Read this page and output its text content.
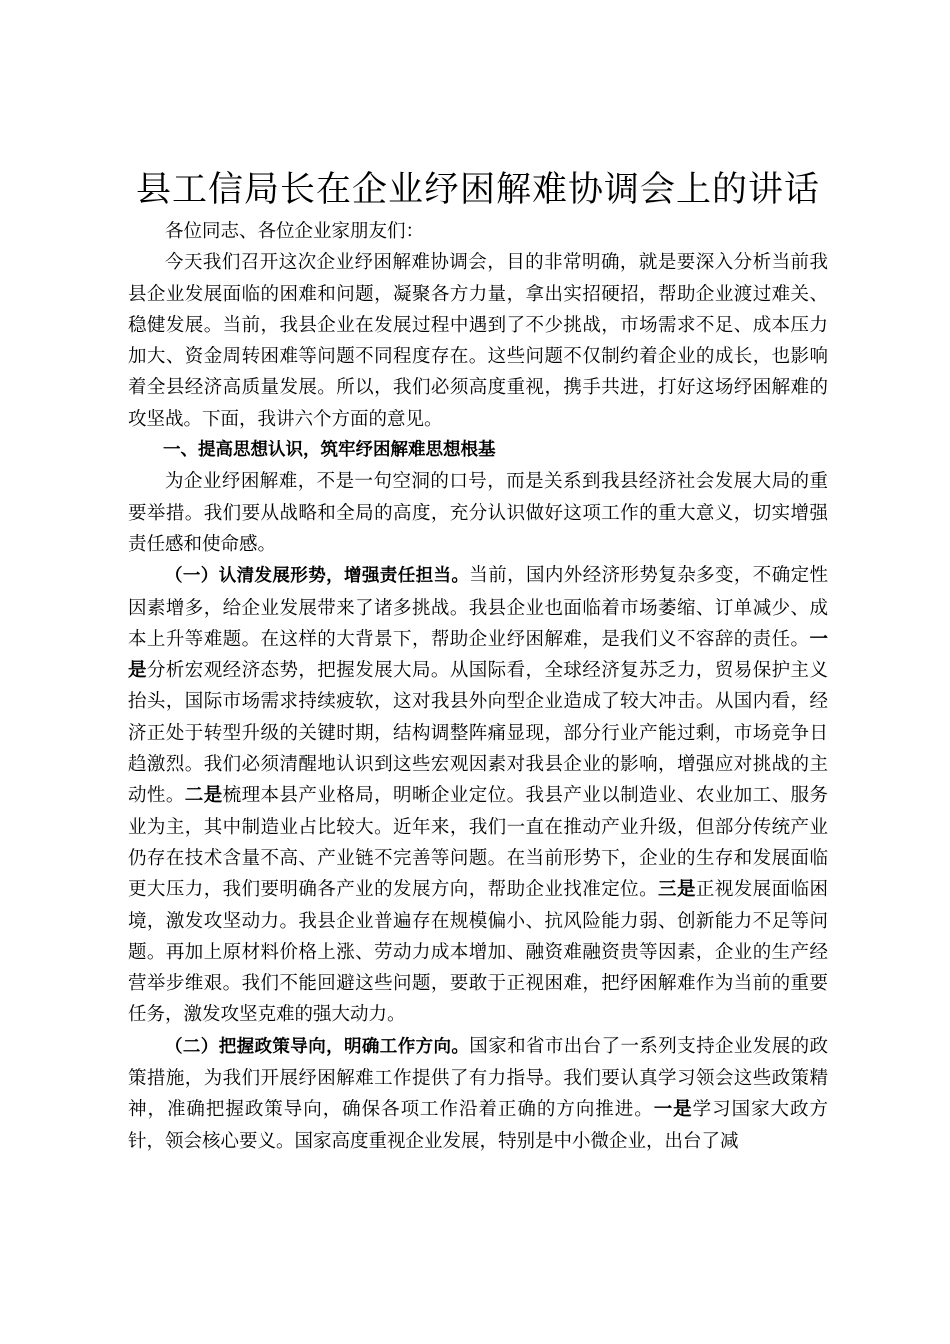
县工信局长在企业纾困解难协调会上的讲话

各位同志、各位企业家朋友们：

今天我们召开这次企业纾困解难协调会，目的非常明确，就是要深入分析当前我县企业发展面临的困难和问题，凝聚各方力量，拿出实招硬招，帮助企业渡过难关、稳健发展。当前，我县企业在发展过程中遇到了不少挑战，市场需求不足、成本压力加大、资金周转困难等问题不同程度存在。这些问题不仅制约着企业的成长，也影响着全县经济高质量发展。所以，我们必须高度重视，携手共进，打好这场纾困解难的攻坚战。下面，我讲六个方面的意见。

一、提高思想认识，筑牢纾困解难思想根基

为企业纾困解难，不是一句空洞的口号，而是关系到我县经济社会发展大局的重要举措。我们要从战略和全局的高度，充分认识做好这项工作的重大意义，切实增强责任感和使命感。

（一）认清发展形势，增强责任担当。当前，国内外经济形势复杂多变，不确定性因素增多，给企业发展带来了诸多挑战。我县企业也面临着市场萎缩、订单减少、成本上升等难题。在这样的大背景下，帮助企业纾困解难，是我们义不容辞的责任。一是分析宏观经济态势，把握发展大局。从国际看，全球经济复苏乏力，贸易保护主义抬头，国际市场需求持续疲软，这对我县外向型企业造成了较大冲击。从国内看，经济正处于转型升级的关键时期，结构调整阵痛显现，部分行业产能过剩，市场竞争日趋激烈。我们必须清醒地认识到这些宏观因素对我县企业的影响，增强应对挑战的主动性。二是梳理本县产业格局，明晰企业定位。我县产业以制造业、农业加工、服务业为主，其中制造业占比较大。近年来，我们一直在推动产业升级，但部分传统产业仍存在技术含量不高、产业链不完善等问题。在当前形势下，企业的生存和发展面临更大压力，我们要明确各产业的发展方向，帮助企业找准定位。三是正视发展面临困境，激发攻坚动力。我县企业普遍存在规模偏小、抗风险能力弱、创新能力不足等问题。再加上原材料价格上涨、劳动力成本增加、融资难融资贵等因素，企业的生产经营举步维艰。我们不能回避这些问题，要敢于正视困难，把纾困解难作为当前的重要任务，激发攻坚克难的强大动力。

（二）把握政策导向，明确工作方向。国家和省市出台了一系列支持企业发展的政策措施，为我们开展纾困解难工作提供了有力指导。我们要认真学习领会这些政策精神，准确把握政策导向，确保各项工作沿着正确的方向推进。一是学习国家大政方针，领会核心要义。国家高度重视企业发展，特别是中小微企业，出台了减
